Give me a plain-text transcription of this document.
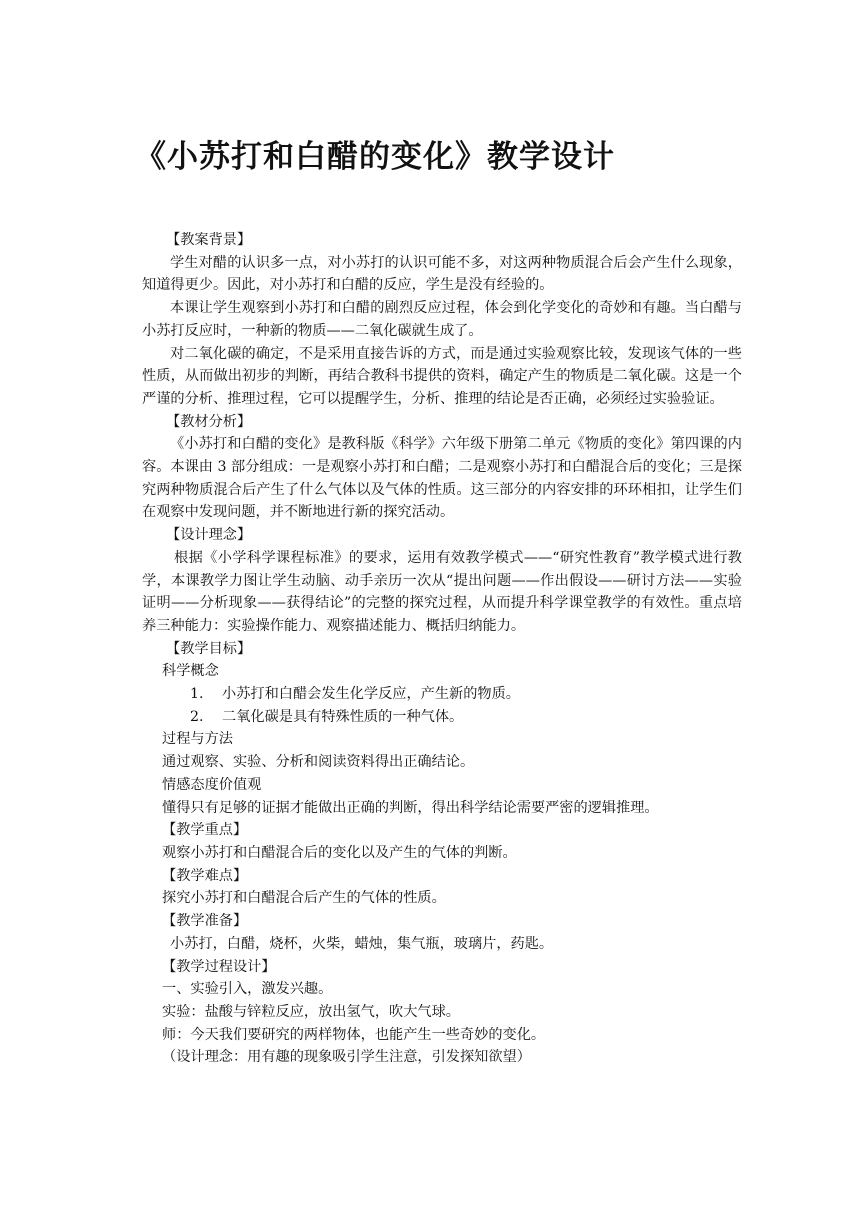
《小苏打和白醋的变化》教学设计

【教案背景】

学生对醋的认识多一点，对小苏打的认识可能不多，对这两种物质混合后会产生什么现象，知道得更少。因此，对小苏打和白醋的反应，学生是没有经验的。

本课让学生观察到小苏打和白醋的剧烈反应过程，体会到化学变化的奇妙和有趣。当白醋与小苏打反应时，一种新的物质——二氧化碳就生成了。

对二氧化碳的确定，不是采用直接告诉的方式，而是通过实验观察比较，发现该气体的一些性质，从而做出初步的判断，再结合教科书提供的资料，确定产生的物质是二氧化碳。这是一个严谨的分析、推理过程，它可以提醒学生，分析、推理的结论是否正确，必须经过实验验证。

【教材分析】

《小苏打和白醋的变化》是教科版《科学》六年级下册第二单元《物质的变化》第四课的内容。本课由 3 部分组成：一是观察小苏打和白醋；二是观察小苏打和白醋混合后的变化；三是探究两种物质混合后产生了什么气体以及气体的性质。这三部分的内容安排的环环相扣，让学生们在观察中发现问题，并不断地进行新的探究活动。

【设计理念】

根据《小学科学课程标准》的要求，运用有效教学模式——“研究性教育”教学模式进行教学，本课教学力图让学生动脑、动手亲历一次从“提出问题——作出假设——研讨方法——实验证明——分析现象——获得结论”的完整的探究过程，从而提升科学课堂教学的有效性。重点培养三种能力：实验操作能力、观察描述能力、概括归纳能力。

【教学目标】

科学概念

1. 小苏打和白醋会发生化学反应，产生新的物质。

2. 二氧化碳是具有特殊性质的一种气体。

过程与方法

通过观察、实验、分析和阅读资料得出正确结论。

情感态度价值观

懂得只有足够的证据才能做出正确的判断，得出科学结论需要严密的逻辑推理。

【教学重点】

观察小苏打和白醋混合后的变化以及产生的气体的判断。

【教学难点】

探究小苏打和白醋混合后产生的气体的性质。

【教学准备】

小苏打，白醋，烧杯，火柴，蜡烛，集气瓶，玻璃片，药匙。

【教学过程设计】

一、实验引入，激发兴趣。

实验：盐酸与锌粒反应，放出氢气，吹大气球。

师：今天我们要研究的两样物体，也能产生一些奇妙的变化。

（设计理念：用有趣的现象吸引学生注意，引发探知欲望）
